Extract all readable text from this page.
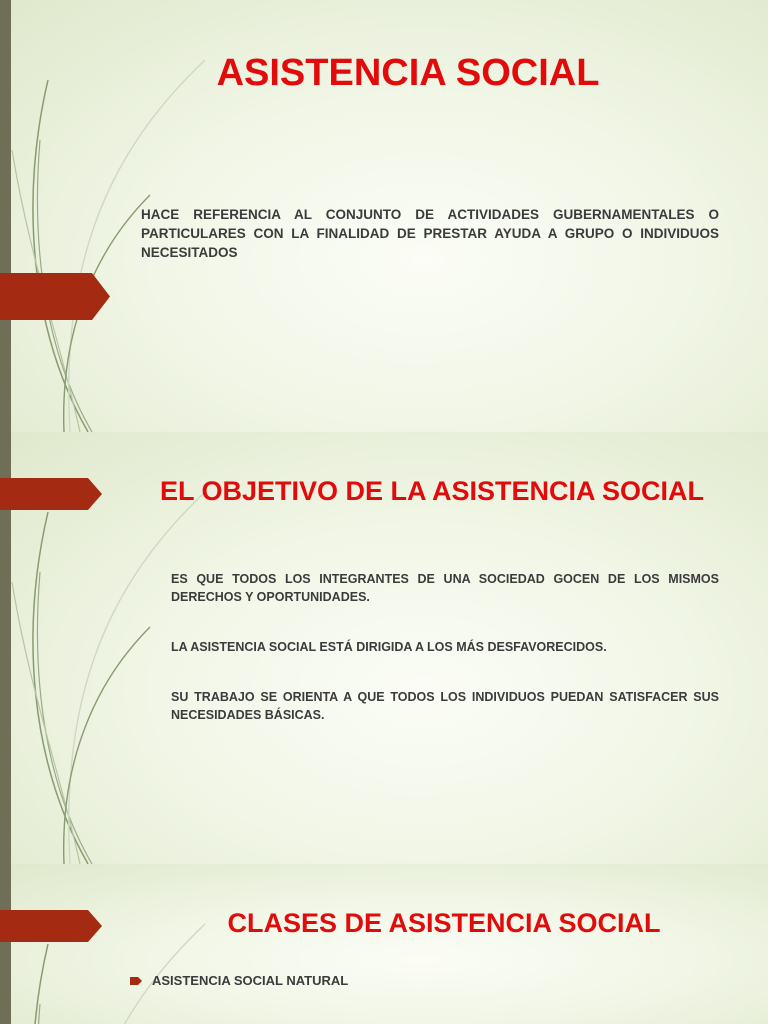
ASISTENCIA SOCIAL

HACE REFERENCIA AL CONJUNTO DE ACTIVIDADES GUBERNAMENTALES O PARTICULARES CON LA FINALIDAD DE PRESTAR AYUDA A GRUPO O INDIVIDUOS NECESITADOS

EL OBJETIVO DE LA ASISTENCIA SOCIAL

ES QUE TODOS LOS INTEGRANTES DE UNA SOCIEDAD GOCEN DE LOS MISMOS DERECHOS Y OPORTUNIDADES.

LA ASISTENCIA SOCIAL ESTÁ DIRIGIDA A LOS MÁS DESFAVORECIDOS.

SU TRABAJO SE ORIENTA A QUE TODOS LOS INDIVIDUOS PUEDAN SATISFACER SUS NECESIDADES BÁSICAS.

CLASES DE ASISTENCIA SOCIAL
ASISTENCIA SOCIAL NATURAL
